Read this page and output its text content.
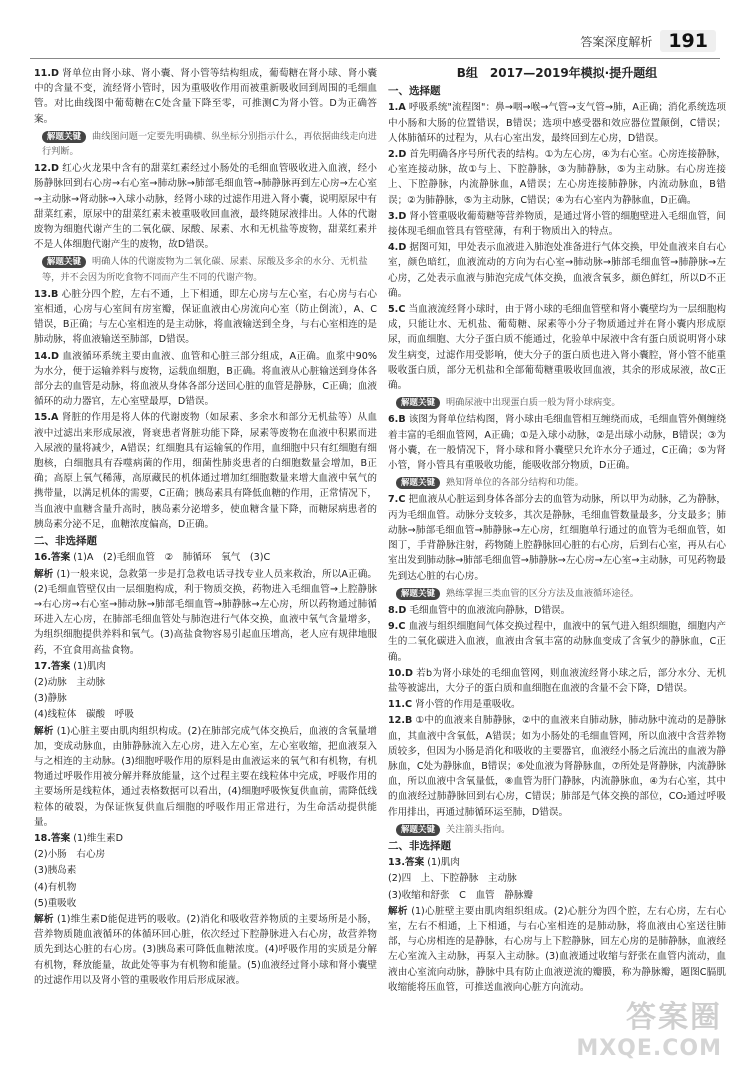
答案深度解析 191
11.D 肾单位由肾小球、肾小囊、肾小管等结构组成，葡萄糖在肾小球、肾小囊中的含量不变，流经肾小管时，因为重吸收作用而被重新吸收回到周围的毛细血管。对比曲线图中葡萄糖在C处含量下降至零，可推测C为肾小管。D为正确答案。
解题关键 曲线图问题一定要先明确横、纵坐标分别指示什么，再依据曲线走向进行判断。
12.D 红心火龙果中含有的甜菜红素经过小肠处的毛细血管吸收进入血液，经小肠静脉回到右心房→右心室→肺动脉→肺部毛细血管→肺静脉再到左心房→左心室→主动脉→肾动脉→入球小动脉，经肾小球的过滤作用进入肾小囊，说明原尿中有甜菜红素，原尿中的甜菜红素未被重吸收回血液，最终随尿液排出。人体的代谢废物为细胞代谢产生的二氧化碳、尿酸、尿素、水和无机盐等废物，甜菜红素并不是人体细胞代谢产生的废物，故D错误。
解题关键 明确人体的代谢废物为二氧化碳、尿素、尿酸及多余的水分、无机盐等，并不会因为所吃食物不同而产生不同的代谢产物。
13.B 心脏分四个腔，左右不通，上下相通，即左心房与左心室，右心房与右心室相通，心房与心室间有房室瓣，保证血液由心房流向心室（防止倒流），A、C错误，B正确；与左心室相连的是主动脉，将血液输送到全身，与右心室相连的是肺动脉，将血液输送至肺部，D错误。
14.D 血液循环系统主要由血液、血管和心脏三部分组成，A正确。血浆中90%为水分，便于运输养料与废物，运载血细胞，B正确。将血液从心脏输送到身体各部分去的血管是动脉，将血液从身体各部分送回心脏的血管是静脉，C正确；血液循环的动力器官，左心室壁最厚，D错误。
15.A 肾脏的作用是将人体的代谢废物（如尿素、多余水和部分无机盐等）从血液中过滤出来形成尿液，肾衰患者肾脏功能下降，尿素等废物在血液中积累而进入尿液的量将减少，A错误；红细胞具有运输氧的作用，血细胞中只有红细胞有细胞核，白细胞具有吞噬病菌的作用，细菌性肺炎患者的白细胞数量会增加，B正确；高原上氧气稀薄，高原藏民的机体通过增加红细胞数量来增大血液中氧气的携带量，以满足机体的需要，C正确；胰岛素具有降低血糖的作用，正常情况下，当血液中血糖含量升高时，胰岛素分泌增多，使血糖含量下降，而糖尿病患者的胰岛素分泌不足，血糖浓度偏高，D正确。
二、非选择题
16.答案 (1)A　(2)毛细血管　②　肺循环　氧气　(3)C
解析 (1)一般来说，急救第一步是打急救电话寻找专业人员来救治，所以A正确。(2)毛细血管壁仅由一层细胞构成，利于物质交换，药物进入毛细血管→上腔静脉→右心房→右心室→肺动脉→肺部毛细血管→肺静脉→左心房，所以药物通过肺循环进入左心房，在肺部毛细血管处与肺泡进行气体交换，血液中氧气含量增多，为组织细胞提供养料和氧气。(3)高盐食物容易引起血压增高，老人应有规律地服药，不宜食用高盐食物。
17.答案 (1)肌肉
(2)动脉　主动脉
(3)静脉
(4)线粒体　碳酸　呼吸
解析 (1)心脏主要由肌肉组织构成。(2)在肺部完成气体交换后，血液的含氧量增加，变成动脉血，由肺静脉流入左心房，进入左心室，左心室收缩，把血液泵入与之相连的主动脉。(3)细胞呼吸作用的原料是由血液运来的氧气和有机物，有机物通过呼吸作用被分解并释放能量，这个过程主要在线粒体中完成，呼吸作用的主要场所是线粒体，通过表格数据可以看出，(4)细胞呼吸恢复供血前，需降低线粒体的破裂，为保证恢复供血后细胞的呼吸作用正常进行，为生命活动提供能量。
18.答案 (1)维生素D
(2)小肠　右心房
(3)胰岛素
(4)有机物
(5)重吸收
解析 (1)维生素D能促进钙的吸收。(2)消化和吸收营养物质的主要场所是小肠，营养物质随血液循环的体循环回心脏，依次经过下腔静脉进入右心房，故营养物质先到达心脏的右心房。(3)胰岛素可降低血糖浓度。(4)呼吸作用的实质是分解有机物，释放能量，故此处等事为有机物和能量。(5)血液经过肾小球和肾小囊壁的过滤作用以及肾小管的重吸收作用后形成尿液。
B组　2017—2019年模拟·提升题组
一、选择题
1.A 呼吸系统"流程图"：鼻→咽→喉→气管→支气管→肺，A正确；消化系统选项中小肠和大肠的位置错误，B错误；选项中感受器和效应器位置颠倒，C错误；人体肺循环的过程为，从右心室出发，最终回到左心房，D错误。
2.D 首先明确各序号所代表的结构。①为左心房，④为右心室。心房连接静脉，心室连接动脉，故①与上、下腔静脉，③为肺静脉，⑤为主动脉。右心房连接上、下腔静脉，内流静脉血，A错误；左心房连接肺静脉，内流动脉血，B错误；②为肺静脉，⑤为主动脉，C错误；④为右心室内为静脉血，D正确。
3.D 肾小管重吸收葡萄糖等营养物质，是通过肾小管的细胞壁进入毛细血管，间接体现毛细血管具有管壁薄，有利于物质出入的特点。
4.D 据图可知，甲处表示血液进入肺泡处准备进行气体交换，甲处血液来自右心室，颜色暗红，血液流动的方向为右心室→肺动脉→肺部毛细血管→肺静脉→左心房，乙处表示血液与肺泡完成气体交换，血液含氧多，颜色鲜红，所以D不正确。
5.C 当血液流经肾小球时，由于肾小球的毛细血管壁和肾小囊壁均为一层细胞构成，只能让水、无机盐、葡萄糖、尿素等小分子物质通过并在肾小囊内形成原尿，而血细胞、大分子蛋白质不能通过，化验单中尿液中含有蛋白质说明肾小球发生病变，过滤作用受影响，使大分子的蛋白质也进入肾小囊腔，肾小管不能重吸收蛋白质，部分无机盐和全部葡萄糖重吸收回血液，其余的形成尿液，故C正确。
解题关键 明确尿液中出现蛋白质一般为肾小球病变。
6.B 该图为肾单位结构图，肾小球由毛细血管相互缠绕而成，毛细血管外侧缠绕着丰富的毛细血管网，A正确；①是入球小动脉，②是出球小动脉，B错误；③为肾小囊，在一般情况下，肾小球和肾小囊壁只允许水分子通过，C正确；⑤为肾小管，肾小管具有重吸收功能，能吸收部分物质，D正确。
解题关键 熟知肾单位的各部分结构和功能。
7.C 把血液从心脏运到身体各部分去的血管为动脉，所以甲为动脉，乙为静脉，丙为毛细血管。动脉分支较多，其次是静脉，毛细血管数量最多，分支最多；肺动脉→肺部毛细血管→肺静脉→左心房，红细胞单行通过的血管为毛细血管，如图丁，手背静脉注射，药物随上腔静脉回心脏的右心房，后到右心室，再从右心室出发到肺动脉→肺部毛细血管→肺静脉→左心房→左心室→主动脉，可见药物最先到达心脏的右心房。
解题关键 熟练掌握三类血管的区分方法及血液循环途径。
8.D 毛细血管中的血液流向静脉，D错误。
9.C 血液与组织细胞间气体交换过程中，血液中的氧气进入组织细胞，细胞内产生的二氧化碳进入血液，血液由含氧丰富的动脉血变成了含氧少的静脉血，C正确。
10.D 若b为肾小球处的毛细血管网，则血液流经肾小球之后，部分水分、无机盐等被滤出，大分子的蛋白质和血细胞在血液的含量不会下降，D错误。
11.C 肾小管的作用是重吸收。
12.B ①中的血液来自肺静脉，②中的血液来自肺动脉，肺动脉中流动的是静脉血，其血液中含氧低，A错误；如为小肠处的毛细血管网，所以血液中含营养物质较多，但因为小肠是消化和吸收的主要器官，血液经小肠之后流出的血液为静脉血，C处为静脉血，B错误；⑥处血液为肾静脉血，⑦所处是肾静脉，内流静脉血，所以血液中含氧量低，⑧血管为肝门静脉，内流静脉血，④为右心室，其中的血液经过肺静脉回到右心房，C错误；肺部是气体交换的部位，CO₂通过呼吸作用排出，再通过肺循环运至肺，D错误。
解题关键 关注箭头指向。
二、非选择题
13.答案 (1)肌肉
(2)四　上、下腔静脉　主动脉
(3)收缩和舒张　C　血管　静脉瓣
解析 (1)心脏壁主要由肌肉组织组成。(2)心脏分为四个腔，左右心房，左右心室，左右不相通，上下相通，与右心室相连的是肺动脉，将血液由心室送往肺部，与心房相连的是静脉，右心房与上下腔静脉，回左心房的是肺静脉，血液经左心室流入主动脉，再泵入主动脉。(3)血液通过收缩与舒张在血管内流动，血液由心室流向动脉，静脉中具有防止血液逆流的瓣膜，称为静脉瓣，题图C膈肌收缩能将压血管，可推送血液向心脏方向流动。
答案圈
MXQE.COM
